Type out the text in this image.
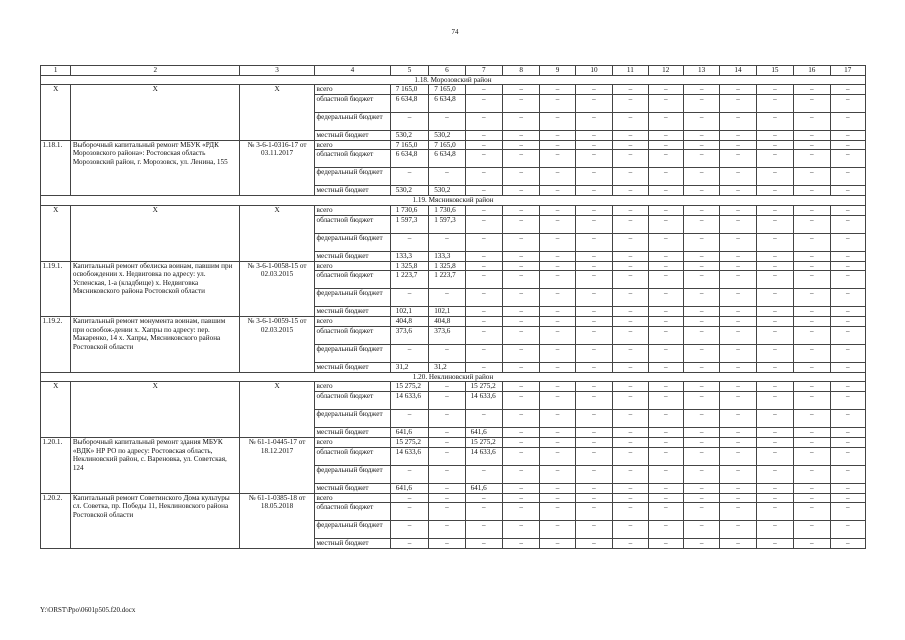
74
1	2	3	4	5	6	7	8	9	10	11	12	13	14	15	16	17
1.18. Морозовский район																
Х	Х	Х	всего	7 165,0	7 165,0	–	–	–	–	–	–	–	–	–	–	–
			областной бюджет	6 634,8	6 634,8	–	–	–	–	–	–	–	–	–	–	–
			федеральный бюджет	–	–	–	–	–	–	–	–	–	–	–	–	–
			местный бюджет	530,2	530,2	–	–	–	–	–	–	–	–	–	–	–
1.18.1.	Выборочный капитальный ремонт МБУК «РДК Морозовского района»: Ростовская область Морозовский район, г. Морозовск, ул. Ленина, 155	№ 3-6-1-0316-17 от 03.11.2017	всего	7 165,0	7 165,0	–	–	–	–	–	–	–	–	–	–	–
			областной бюджет	6 634,8	6 634,8	–	–	–	–	–	–	–	–	–	–	–
			федеральный бюджет	–	–	–	–	–	–	–	–	–	–	–	–	–
			местный бюджет	530,2	530,2	–	–	–	–	–	–	–	–	–	–	–
1.19. Мясниковский район																
Х	Х	Х	всего	1 730,6	1 730,6	–	–	–	–	–	–	–	–	–	–	–
			областной бюджет	1 597,3	1 597,3	–	–	–	–	–	–	–	–	–	–	–
			федеральный бюджет	–	–	–	–	–	–	–	–	–	–	–	–	–
			местный бюджет	133,3	133,3	–	–	–	–	–	–	–	–	–	–	–
1.19.1.	Капитальный ремонт обелиска воинам, павшим при освобождении х. Недвиговка по адресу: ул. Успенская, 1-а (кладбище) х. Недвиговка Мясниковского района Ростовской области	№ 3-6-1-0058-15 от 02.03.2015	всего	1 325,8	1 325,8	–	–	–	–	–	–	–	–	–	–	–
			областной бюджет	1 223,7	1 223,7	–	–	–	–	–	–	–	–	–	–	–
			федеральный бюджет	–	–	–	–	–	–	–	–	–	–	–	–	–
			местный бюджет	102,1	102,1	–	–	–	–	–	–	–	–	–	–	–
1.19.2.	Капитальный ремонт монумента воинам, павшим при освобож-дении х. Хапры по адресу: пер. Макаренко, 14 х. Хапры, Мясниковского района Ростовской области	№ 3-6-1-0059-15 от 02.03.2015	всего	404,8	404,8	–	–	–	–	–	–	–	–	–	–	–
			областной бюджет	373,6	373,6	–	–	–	–	–	–	–	–	–	–	–
			федеральный бюджет	–	–	–	–	–	–	–	–	–	–	–	–	–
			местный бюджет	31,2	31,2	–	–	–	–	–	–	–	–	–	–	–
1.20. Неклиновский район																
Х	Х	Х	всего	15 275,2	–	15 275,2	–	–	–	–	–	–	–	–	–	–
			областной бюджет	14 633,6	–	14 633,6	–	–	–	–	–	–	–	–	–	–
			федеральный бюджет	–	–	–	–	–	–	–	–	–	–	–	–	–
			местный бюджет	641,6	–	641,6	–	–	–	–	–	–	–	–	–	–
1.20.1.	Выборочный капитальный ремонт здания МБУК «ВДК» НР РО по адресу: Ростовская область, Неклиновский район, с. Вареновка, ул. Советская, 124	№ 61-1-0445-17 от 18.12.2017	всего	15 275,2	–	15 275,2	–	–	–	–	–	–	–	–	–	–
			областной бюджет	14 633,6	–	14 633,6	–	–	–	–	–	–	–	–	–	–
			федеральный бюджет	–	–	–	–	–	–	–	–	–	–	–	–	–
			местный бюджет	641,6	–	641,6	–	–	–	–	–	–	–	–	–	–
1.20.2.	Капитальный ремонт Советинского Дома культуры сл. Советка, пр. Победы 11, Неклиновского района Ростовской области	№ 61-1-0385-18 от 18.05.2018	всего	–	–	–	–	–	–	–	–	–	–	–	–	–
			областной бюджет	–	–	–	–	–	–	–	–	–	–	–	–	–
			федеральный бюджет	–	–	–	–	–	–	–	–	–	–	–	–	–
			местный бюджет	–	–	–	–	–	–	–	–	–	–	–	–	–
Y:\ORST\Ppo\0601p505.f20.docx
